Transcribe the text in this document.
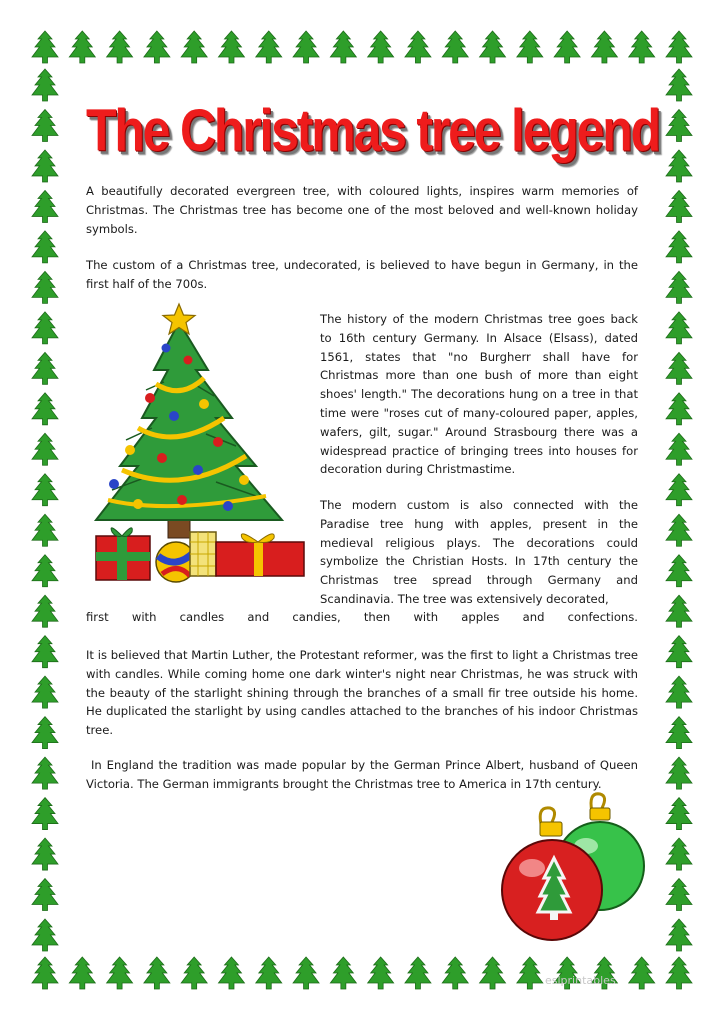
The Christmas tree legend

A beautifully decorated evergreen tree, with coloured lights, inspires warm memories of Christmas. The Christmas tree has become one of the most beloved and well-known holiday symbols.

The custom of a Christmas tree, undecorated, is believed to have begun in Germany, in the first half of the 700s.

The history of the modern Christmas tree goes back to 16th century Germany. In Alsace (Elsass), dated 1561, states that "no Burgherr shall have for Christmas more than one bush of more than eight shoes' length." The decorations hung on a tree in that time were "roses cut of many-coloured paper, apples, wafers, gilt, sugar." Around Strasbourg there was a widespread practice of bringing trees into houses for decoration during Christmastime.

The modern custom is also connected with the Paradise tree hung with apples, present in the medieval religious plays. The decorations could symbolize the Christian Hosts. In 17th century the Christmas tree spread through Germany and Scandinavia. The tree was extensively decorated,

first with candles and candies, then with apples and confections.

It is believed that Martin Luther, the Protestant reformer, was the first to light a Christmas tree with candles. While coming home one dark winter's night near Christmas, he was struck with the beauty of the starlight shining through the branches of a small fir tree outside his home. He duplicated the starlight by using candles attached to the branches of his indoor Christmas tree.

In England the tradition was made popular by the German Prince Albert, husband of Queen Victoria. The German immigrants brought the Christmas tree to America in 17th century.

eslprintables
